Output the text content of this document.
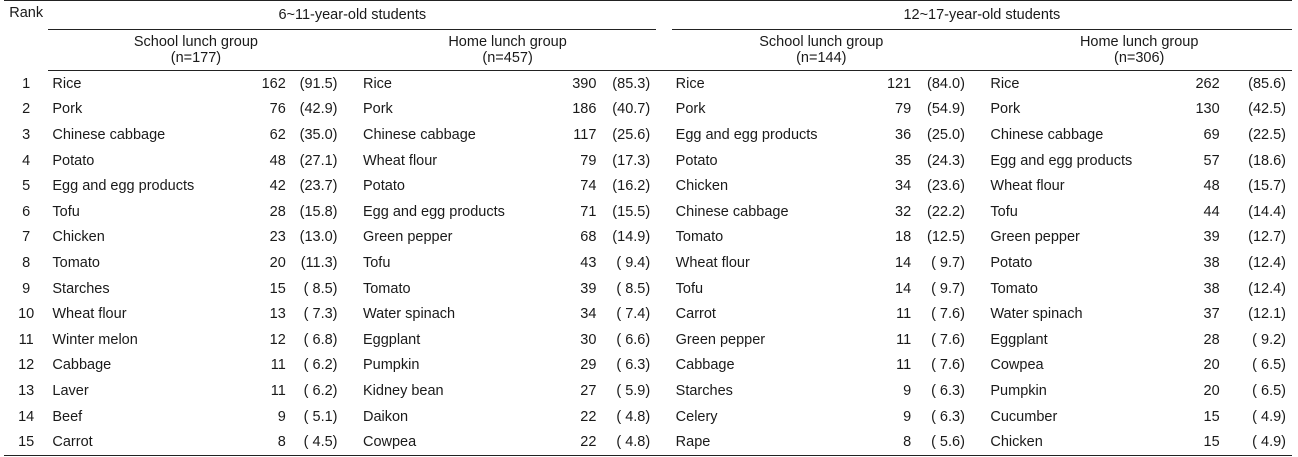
Rank	6~11-year-old students								12~17-year-old students						
	School lunch group				Home lunch group				School lunch group				Home lunch group		
	(n=177)				(n=457)				(n=144)				(n=306)		
1	Rice	162	(91.5)		Rice	390	(85.3)		Rice	121	(84.0)		Rice	262	(85.6)
2	Pork	76	(42.9)		Pork	186	(40.7)		Pork	79	(54.9)		Pork	130	(42.5)
3	Chinese cabbage	62	(35.0)		Chinese cabbage	117	(25.6)		Egg and egg products	36	(25.0)		Chinese cabbage	69	(22.5)
4	Potato	48	(27.1)		Wheat flour	79	(17.3)		Potato	35	(24.3)		Egg and egg products	57	(18.6)
5	Egg and egg products	42	(23.7)		Potato	74	(16.2)		Chicken	34	(23.6)		Wheat flour	48	(15.7)
6	Tofu	28	(15.8)		Egg and egg products	71	(15.5)		Chinese cabbage	32	(22.2)		Tofu	44	(14.4)
7	Chicken	23	(13.0)		Green pepper	68	(14.9)		Tomato	18	(12.5)		Green pepper	39	(12.7)
8	Tomato	20	(11.3)		Tofu	43	( 9.4)		Wheat flour	14	( 9.7)		Potato	38	(12.4)
9	Starches	15	( 8.5)		Tomato	39	( 8.5)		Tofu	14	( 9.7)		Tomato	38	(12.4)
10	Wheat flour	13	( 7.3)		Water spinach	34	( 7.4)		Carrot	11	( 7.6)		Water spinach	37	(12.1)
11	Winter melon	12	( 6.8)		Eggplant	30	( 6.6)		Green pepper	11	( 7.6)		Eggplant	28	( 9.2)
12	Cabbage	11	( 6.2)		Pumpkin	29	( 6.3)		Cabbage	11	( 7.6)		Cowpea	20	( 6.5)
13	Laver	11	( 6.2)		Kidney bean	27	( 5.9)		Starches	9	( 6.3)		Pumpkin	20	( 6.5)
14	Beef	9	( 5.1)		Daikon	22	( 4.8)		Celery	9	( 6.3)		Cucumber	15	( 4.9)
15	Carrot	8	( 4.5)		Cowpea	22	( 4.8)		Rape	8	( 5.6)		Chicken	15	( 4.9)
